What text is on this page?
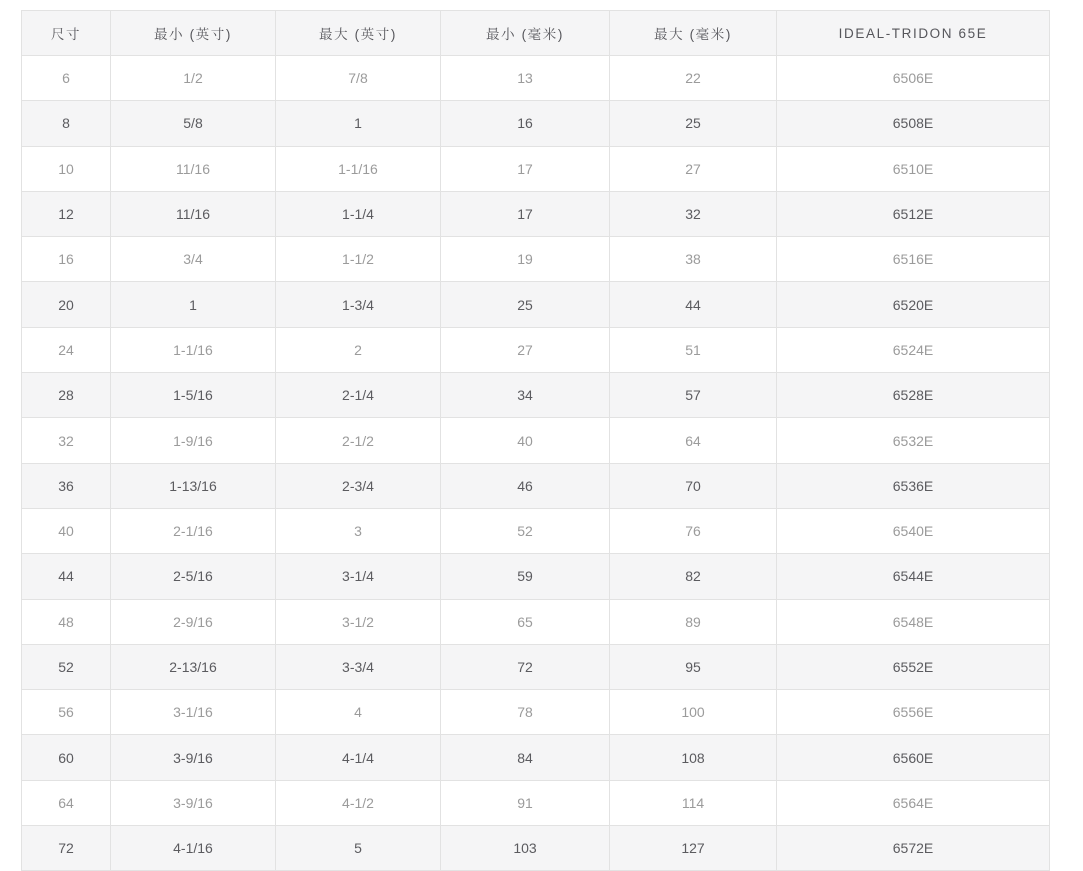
尺寸	最小 (英寸)	最大 (英寸)	最小 (毫米)	最大 (毫米)	IDEAL-TRIDON 65E
6	1/2	7/8	13	22	6506E
8	5/8	1	16	25	6508E
10	11/16	1-1/16	17	27	6510E
12	11/16	1-1/4	17	32	6512E
16	3/4	1-1/2	19	38	6516E
20	1	1-3/4	25	44	6520E
24	1-1/16	2	27	51	6524E
28	1-5/16	2-1/4	34	57	6528E
32	1-9/16	2-1/2	40	64	6532E
36	1-13/16	2-3/4	46	70	6536E
40	2-1/16	3	52	76	6540E
44	2-5/16	3-1/4	59	82	6544E
48	2-9/16	3-1/2	65	89	6548E
52	2-13/16	3-3/4	72	95	6552E
56	3-1/16	4	78	100	6556E
60	3-9/16	4-1/4	84	108	6560E
64	3-9/16	4-1/2	91	114	6564E
72	4-1/16	5	103	127	6572E
